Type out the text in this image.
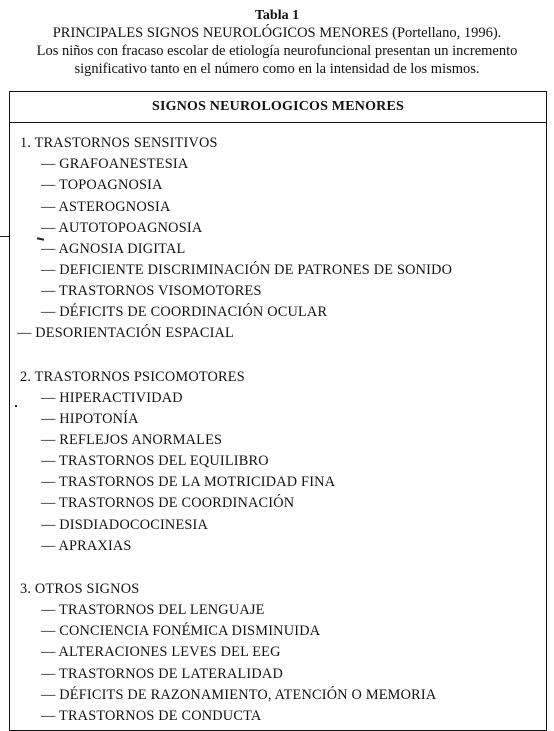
Tabla 1
PRINCIPALES SIGNOS NEUROLÓGICOS MENORES (Portellano, 1996).
Los niños con fracaso escolar de etiología neurofuncional presentan un incremento
significativo tanto en el número como en la intensidad de los mismos.
SIGNOS NEUROLOGICOS MENORES
1. TRASTORNOS SENSITIVOS
— GRAFOANESTESIA
— TOPOAGNOSIA
— ASTEROGNOSIA
— AUTOTOPOAGNOSIA
— AGNOSIA DIGITAL
— DEFICIENTE DISCRIMINACIÓN DE PATRONES DE SONIDO
— TRASTORNOS VISOMOTORES
— DÉFICITS DE COORDINACIÓN OCULAR
— DESORIENTACIÓN ESPACIAL
2. TRASTORNOS PSICOMOTORES
— HIPERACTIVIDAD
— HIPOTONÍA
— REFLEJOS ANORMALES
— TRASTORNOS DEL EQUILIBRO
— TRASTORNOS DE LA MOTRICIDAD FINA
— TRASTORNOS DE COORDINACIÓN
— DISDIADOCOCINESIA
— APRAXIAS
3. OTROS SIGNOS
— TRASTORNOS DEL LENGUAJE
— CONCIENCIA FONÉMICA DISMINUIDA
— ALTERACIONES LEVES DEL EEG
— TRASTORNOS DE LATERALIDAD
— DÉFICITS DE RAZONAMIENTO, ATENCIÓN O MEMORIA
— TRASTORNOS DE CONDUCTA
